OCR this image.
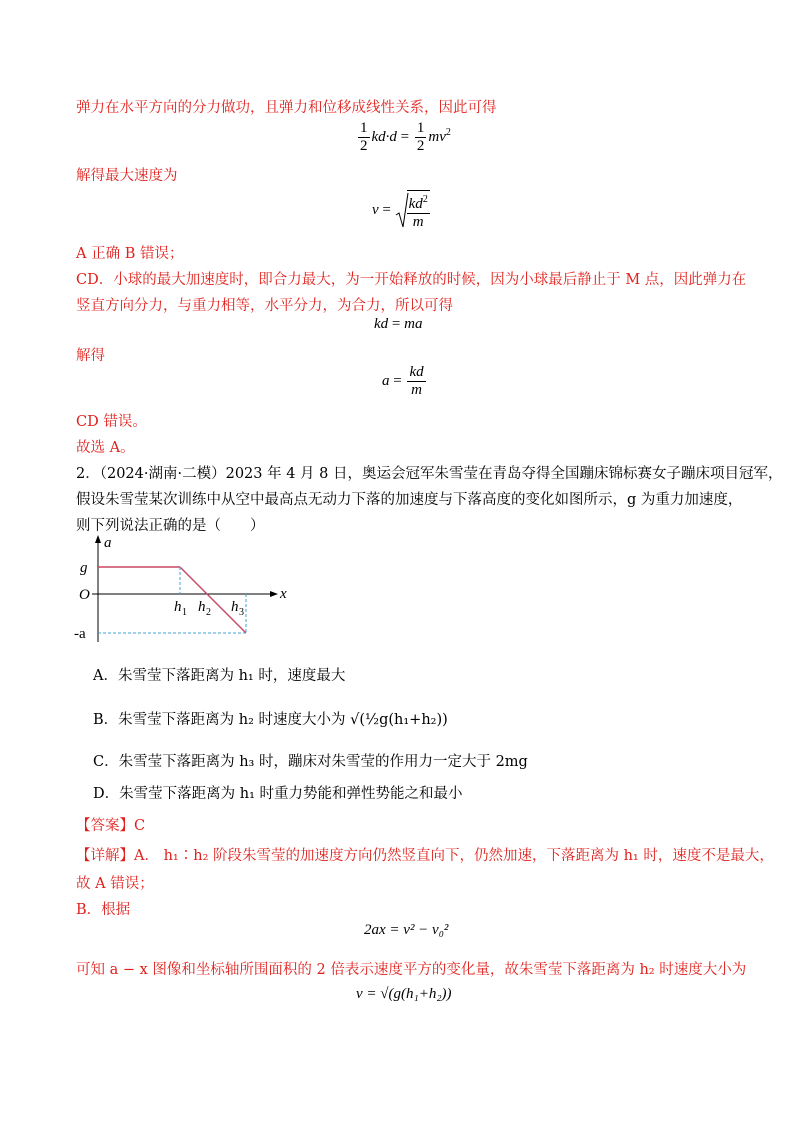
弹力在水平方向的分力做功，且弹力和位移成线性关系，因此可得
$\frac{1}{2} kd\cdot d = \frac{1}{2} mv^2$
解得最大速度为
$v = \frac{kd^2}{m}$
A 正确 B 错误；
CD．小球的最大加速度时，即合力最大，为一开始释放的时候，因为小球最后静止于 M 点，因此弹力在
竖直方向分力，与重力相等，水平分力，为合力，所以可得
kd = ma
解得
$a = \frac{kd}{m}$
CD 错误。
故选 A。
2．（2024·湖南·二模）2023 年 4 月 8 日，奥运会冠军朱雪莹在青岛夺得全国蹦床锦标赛女子蹦床项目冠军，
假设朱雪莹某次训练中从空中最高点无动力下落的加速度与下落高度的变化如图所示，g 为重力加速度，
则下列说法正确的是（　　）
a
x
O
g
-a
h 1 h 2 h 3
A．朱雪莹下落距离为 h₁ 时，速度最大
B．朱雪莹下落距离为 h₂ 时速度大小为 √(½g(h₁+h₂))
C．朱雪莹下落距离为 h₃ 时，蹦床对朱雪莹的作用力一定大于 2mg
D．朱雪莹下落距离为 h₁ 时重力势能和弹性势能之和最小
【答案】C
【详解】A． h₁∶h₂ 阶段朱雪莹的加速度方向仍然竖直向下，仍然加速，下落距离为 h₁ 时，速度不是最大，
故 A 错误；
B．根据
2ax = v² − v₀²
可知 a − x 图像和坐标轴所围面积的 2 倍表示速度平方的变化量，故朱雪莹下落距离为 h₂ 时速度大小为
v = √(g(h₁+h₂))
